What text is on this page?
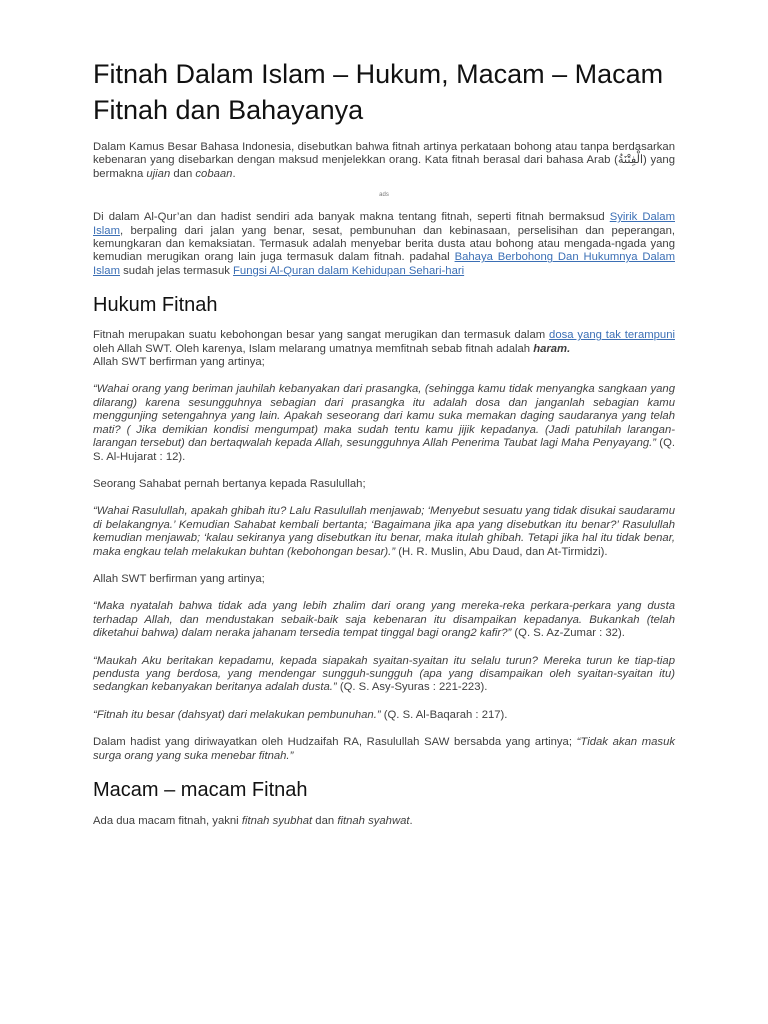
Fitnah Dalam Islam – Hukum, Macam – Macam Fitnah dan Bahayanya

Dalam Kamus Besar Bahasa Indonesia, disebutkan bahwa fitnah artinya perkataan bohong atau tanpa berdasarkan kebenaran yang disebarkan dengan maksud menjelekkan orang. Kata fitnah berasal dari bahasa Arab (الْفِتْنَةُ) yang bermakna ujian dan cobaan.

ads

Di dalam Al-Qur’an dan hadist sendiri ada banyak makna tentang fitnah, seperti fitnah bermaksud Syirik Dalam Islam, berpaling dari jalan yang benar, sesat, pembunuhan dan kebinasaan, perselisihan dan peperangan, kemungkaran dan kemaksiatan. Termasuk adalah menyebar berita dusta atau bohong atau mengada-ngada yang kemudian merugikan orang lain juga termasuk dalam fitnah. padahal Bahaya Berbohong Dan Hukumnya Dalam Islam sudah jelas termasuk Fungsi Al-Quran dalam Kehidupan Sehari-hari

Hukum Fitnah

Fitnah merupakan suatu kebohongan besar yang sangat merugikan dan termasuk dalam dosa yang tak terampuni oleh Allah SWT. Oleh karenya, Islam melarang umatnya memfitnah sebab fitnah adalah haram.
Allah SWT berfirman yang artinya;

“Wahai orang yang beriman jauhilah kebanyakan dari prasangka, (sehingga kamu tidak menyangka sangkaan yang dilarang) karena sesungguhnya sebagian dari prasangka itu adalah dosa dan janganlah sebagian kamu menggunjing setengahnya yang lain. Apakah seseorang dari kamu suka memakan daging saudaranya yang telah mati? ( Jika demikian kondisi mengumpat) maka sudah tentu kamu jijik kepadanya. (Jadi patuhilah larangan-larangan tersebut) dan bertaqwalah kepada Allah, sesungguhnya Allah Penerima Taubat lagi Maha Penyayang.” (Q. S. Al-Hujarat : 12).

Seorang Sahabat pernah bertanya kepada Rasulullah;

“Wahai Rasulullah, apakah ghibah itu? Lalu Rasulullah menjawab; ‘Menyebut sesuatu yang tidak disukai saudaramu di belakangnya.’ Kemudian Sahabat kembali bertanta; ‘Bagaimana jika apa yang disebutkan itu benar?’ Rasulullah kemudian menjawab; ‘kalau sekiranya yang disebutkan itu benar, maka itulah ghibah. Tetapi jika hal itu tidak benar, maka engkau telah melakukan buhtan (kebohongan besar).” (H. R. Muslin, Abu Daud, dan At-Tirmidzi).

Allah SWT berfirman yang artinya;

“Maka nyatalah bahwa tidak ada yang lebih zhalim dari orang yang mereka-reka perkara-perkara yang dusta terhadap Allah, dan mendustakan sebaik-baik saja kebenaran itu disampaikan kepadanya. Bukankah (telah diketahui bahwa) dalam neraka jahanam tersedia tempat tinggal bagi orang2 kafir?” (Q. S. Az-Zumar : 32).

“Maukah Aku beritakan kepadamu, kepada siapakah syaitan-syaitan itu selalu turun? Mereka turun ke tiap-tiap pendusta yang berdosa, yang mendengar sungguh-sungguh (apa yang disampaikan oleh syaitan-syaitan itu) sedangkan kebanyakan beritanya adalah dusta.” (Q. S. Asy-Syuras : 221-223).

“Fitnah itu besar (dahsyat) dari melakukan pembunuhan.” (Q. S. Al-Baqarah : 217).

Dalam hadist yang diriwayatkan oleh Hudzaifah RA, Rasulullah SAW bersabda yang artinya; “Tidak akan masuk surga orang yang suka menebar fitnah.”

Macam – macam Fitnah

Ada dua macam fitnah, yakni fitnah syubhat dan fitnah syahwat.
